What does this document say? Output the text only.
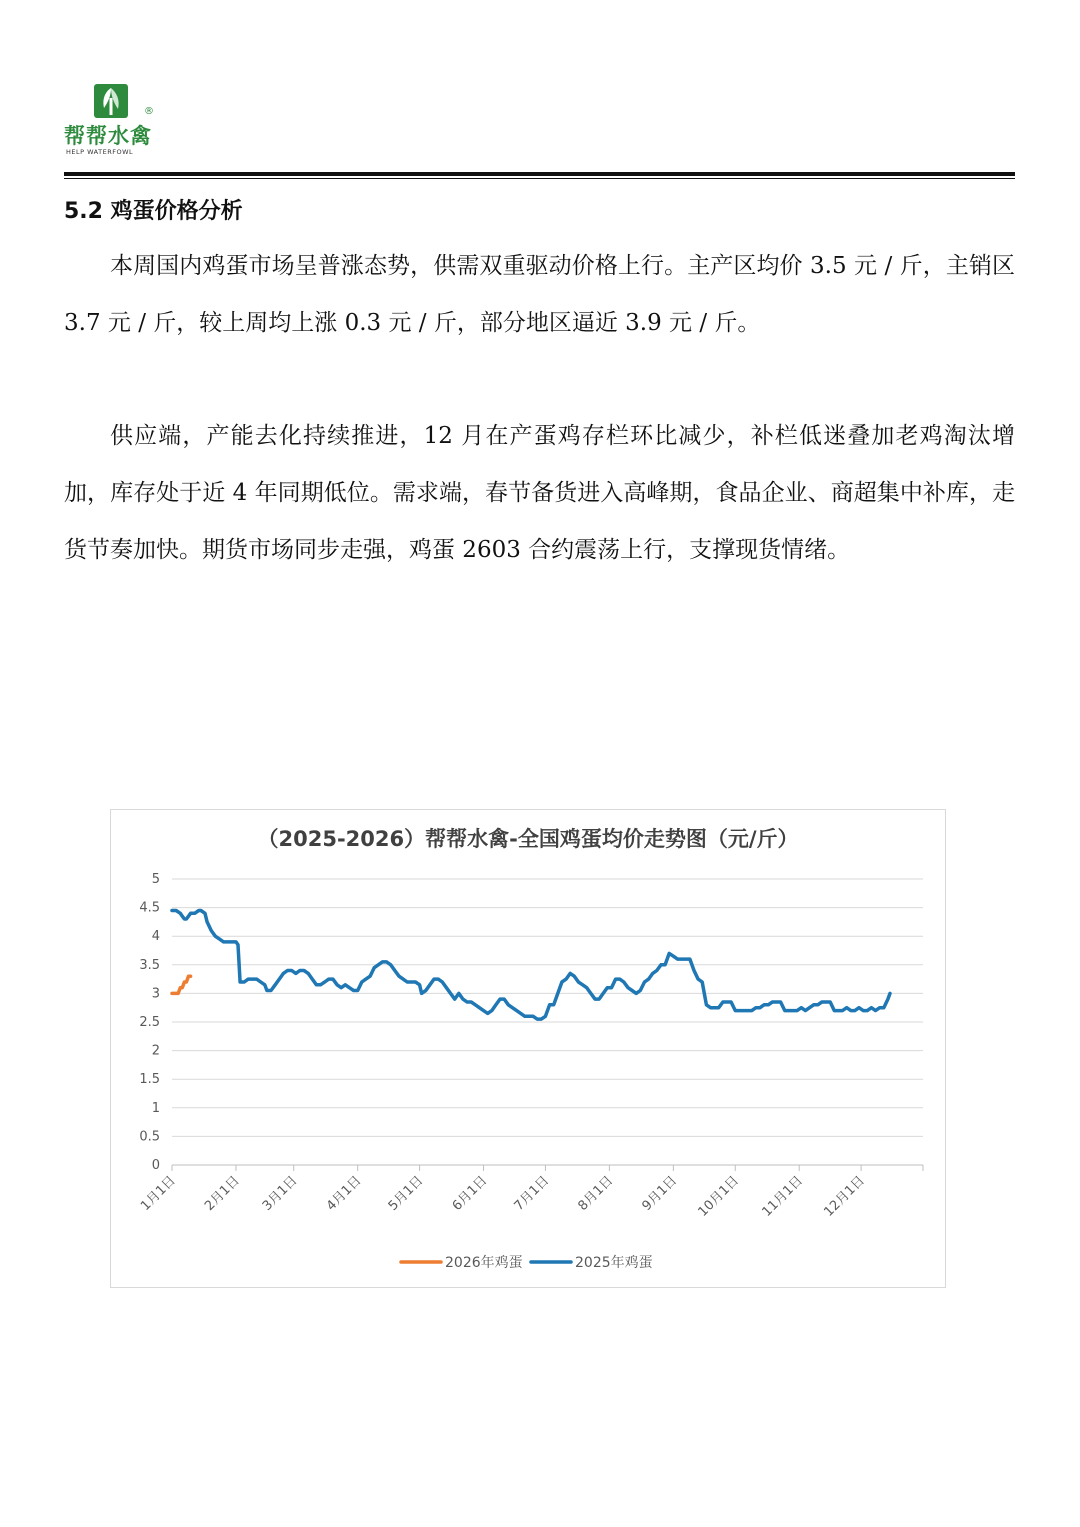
®
帮帮水禽
HELP WATERFOWL
5.2 鸡蛋价格分析

本周国内鸡蛋市场呈普涨态势，供需双重驱动价格上行。主产区均价 3.5 元 / 斤，主销区 3.7 元 / 斤，较上周均上涨 0.3 元 / 斤，部分地区逼近 3.9 元 / 斤。

供应端，产能去化持续推进，12 月在产蛋鸡存栏环比减少，补栏低迷叠加老鸡淘汰增加，库存处于近 4 年同期低位。需求端，春节备货进入高峰期，食品企业、商超集中补库，走货节奏加快。期货市场同步走强，鸡蛋 2603 合约震荡上行，支撑现货情绪。

（2025-2026）帮帮水禽-全国鸡蛋均价走势图（元/斤）
0
0.5
1
1.5
2
2.5
3
3.5
4
4.5
5
1月1日 2月1日 3月1日 4月1日 5月1日 6月1日 7月1日 8月1日 9月1日 10月1日 11月1日 12月1日
2026年鸡蛋	2025年鸡蛋
